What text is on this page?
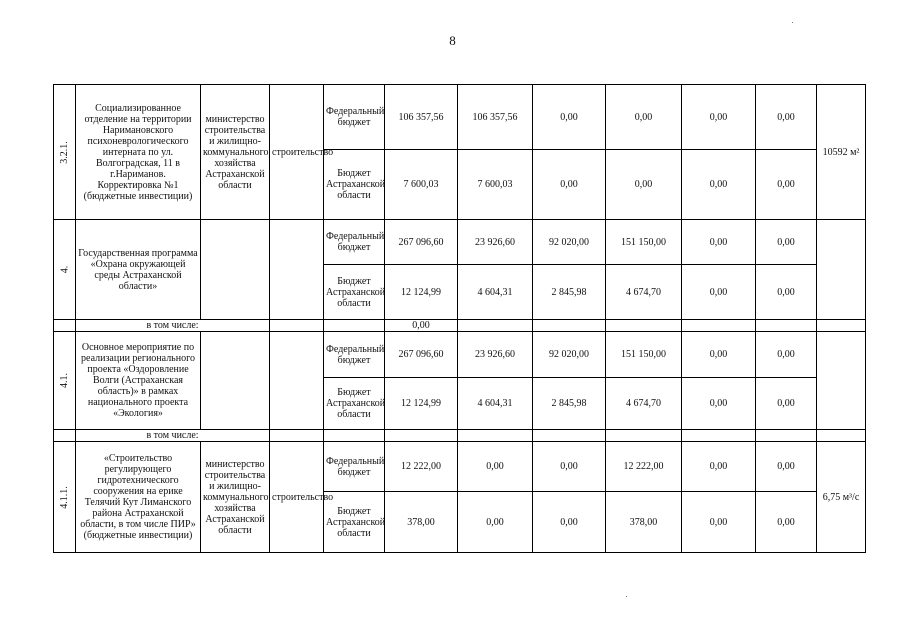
8
3.2.1.	Социализированное отделение на территории Наримановского психоневрологического интерната по ул. Волгоградская, 11 в г.Нариманов. Корректировка №1 (бюджетные инвестиции)	министерство строительства и жилищно-коммунального хозяйства Астраханской области	строительство	Федеральный бюджет	106 357,56	106 357,56	0,00	0,00	0,00	0,00	10592 м²
				Бюджет Астраханской области	7 600,03	7 600,03	0,00	0,00	0,00	0,00	

4.	Государственная программа «Охрана окружающей среды Астраханской области»			Федеральный бюджет	267 096,60	23 926,60	92 020,00	151 150,00	0,00	0,00	
				Бюджет Астраханской области	12 124,99	4 604,31	2 845,98	4 674,70	0,00	0,00	
	в том числе:				0,00						

4.1.	Основное мероприятие по реализации регионального проекта «Оздоровление Волги (Астраханская область)» в рамках национального проекта «Экология»			Федеральный бюджет	267 096,60	23 926,60	92 020,00	151 150,00	0,00	0,00	
				Бюджет Астраханской области	12 124,99	4 604,31	2 845,98	4 674,70	0,00	0,00	
	в том числе:										

4.1.1.	«Строительство регулирующего гидротехнического сооружения на ерике Телячий Кут Лиманского района Астраханской области, в том числе ПИР» (бюджетные инвестиции)	министерство строительства и жилищно-коммунального хозяйства Астраханской области	строительство	Федеральный бюджет	12 222,00	0,00	0,00	12 222,00	0,00	0,00	6,75 м³/с
				Бюджет Астраханской области	378,00	0,00	0,00	378,00	0,00	0,00	
